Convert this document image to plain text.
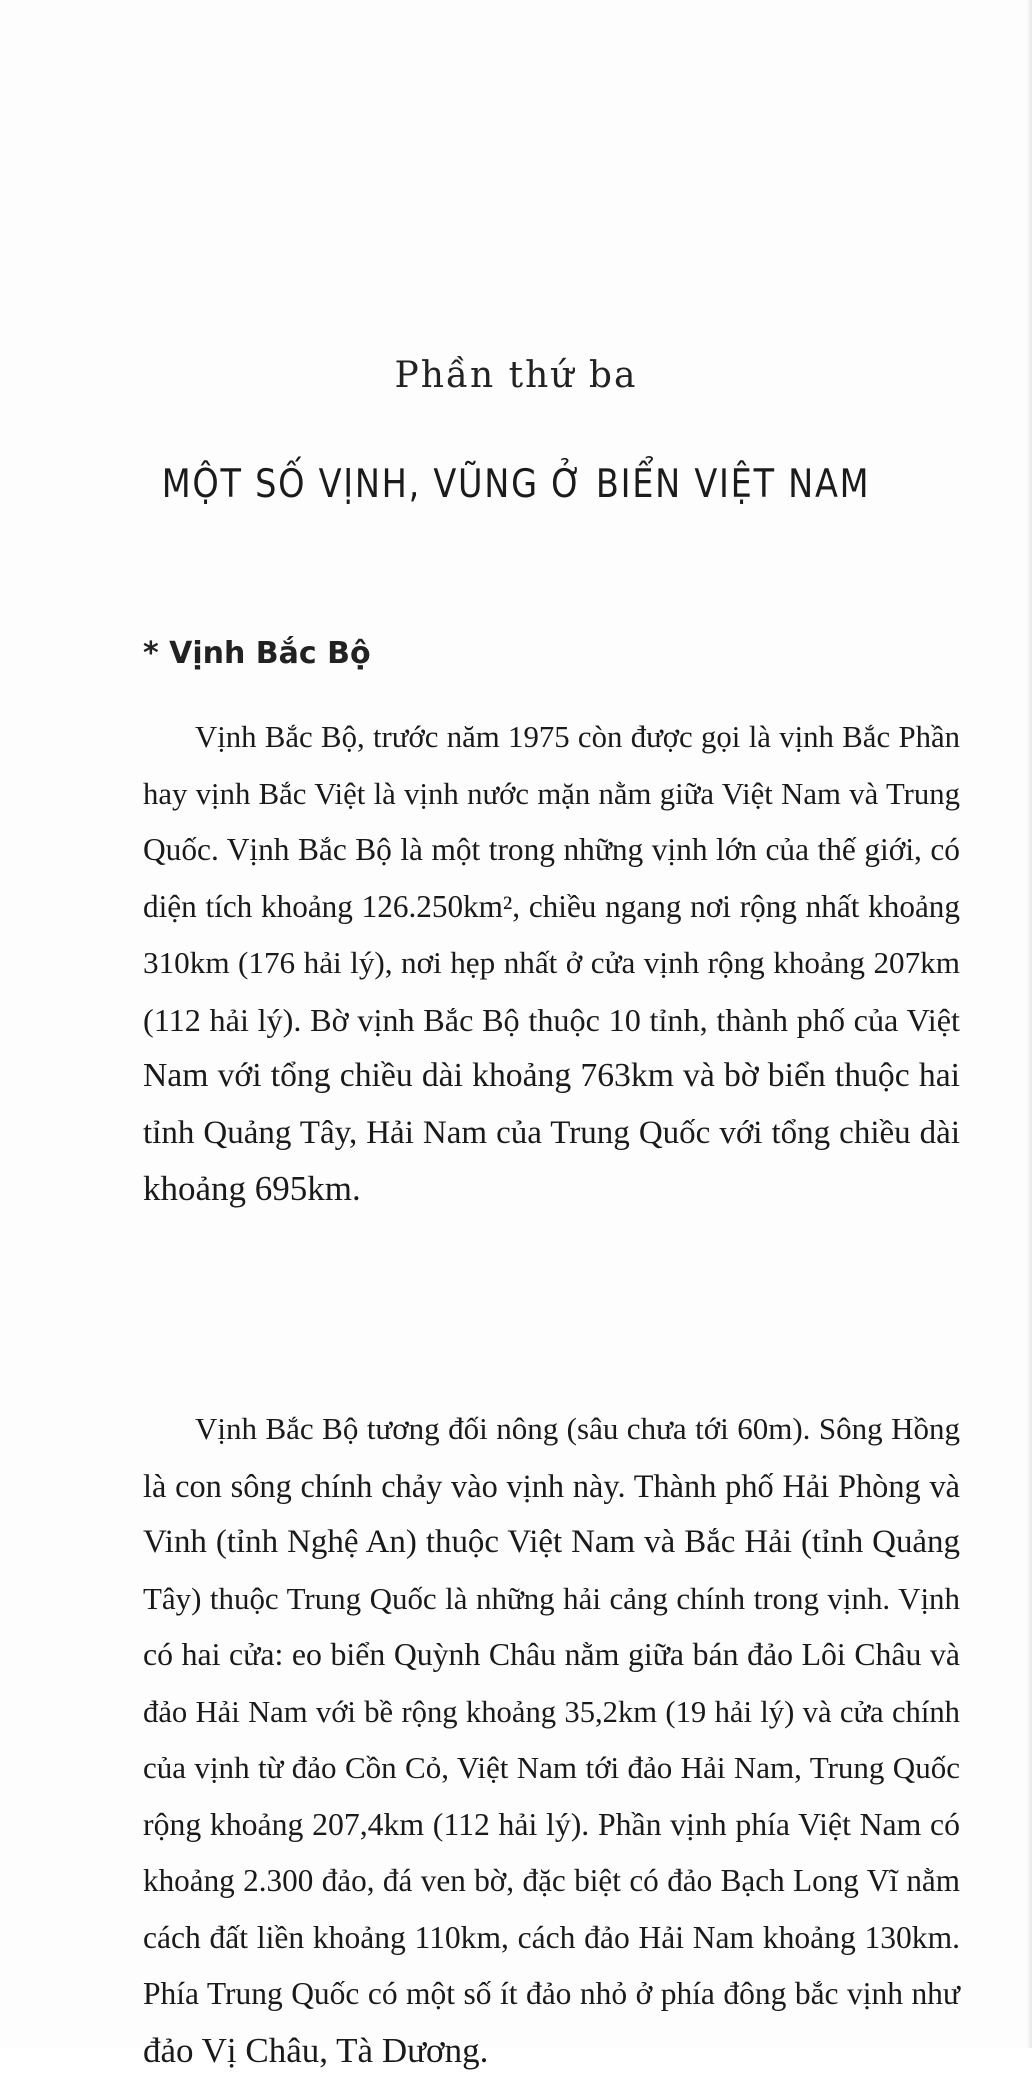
Phần thứ ba
MỘT SỐ VỊNH, VŨNG Ở BIỂN VIỆT NAM
* Vịnh Bắc Bộ
Vịnh Bắc Bộ, trước năm 1975 còn được gọi là vịnh Bắc Phần
hay vịnh Bắc Việt là vịnh nước mặn nằm giữa Việt Nam và Trung
Quốc. Vịnh Bắc Bộ là một trong những vịnh lớn của thế giới, có
diện tích khoảng 126.250km², chiều ngang nơi rộng nhất khoảng
310km (176 hải lý), nơi hẹp nhất ở cửa vịnh rộng khoảng 207km
(112 hải lý). Bờ vịnh Bắc Bộ thuộc 10 tỉnh, thành phố của Việt
Nam với tổng chiều dài khoảng 763km và bờ biển thuộc hai
tỉnh Quảng Tây, Hải Nam của Trung Quốc với tổng chiều dài
khoảng 695km.
Vịnh Bắc Bộ tương đối nông (sâu chưa tới 60m). Sông Hồng
là con sông chính chảy vào vịnh này. Thành phố Hải Phòng và
Vinh (tỉnh Nghệ An) thuộc Việt Nam và Bắc Hải (tỉnh Quảng
Tây) thuộc Trung Quốc là những hải cảng chính trong vịnh. Vịnh
có hai cửa: eo biển Quỳnh Châu nằm giữa bán đảo Lôi Châu và
đảo Hải Nam với bề rộng khoảng 35,2km (19 hải lý) và cửa chính
của vịnh từ đảo Cồn Cỏ, Việt Nam tới đảo Hải Nam, Trung Quốc
rộng khoảng 207,4km (112 hải lý). Phần vịnh phía Việt Nam có
khoảng 2.300 đảo, đá ven bờ, đặc biệt có đảo Bạch Long Vĩ nằm
cách đất liền khoảng 110km, cách đảo Hải Nam khoảng 130km.
Phía Trung Quốc có một số ít đảo nhỏ ở phía đông bắc vịnh như
đảo Vị Châu, Tà Dương.
